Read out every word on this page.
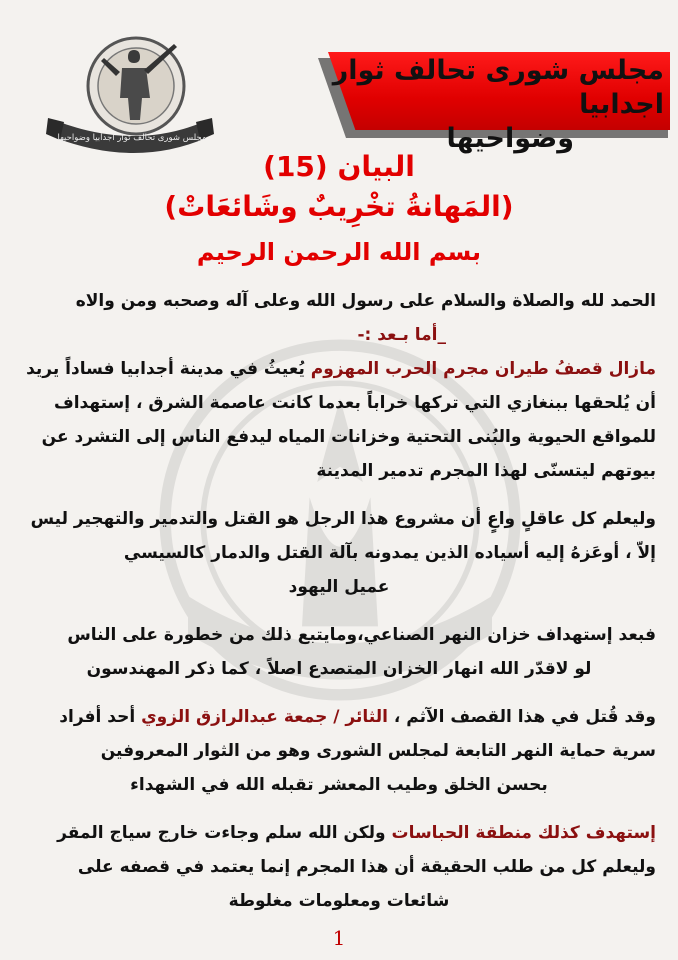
مجلس شورى تحالف ثوار اجدابيا
وضواحيها
مجلس شورى تحالف ثوار اجدابيا وضواحيها
البيان (15)
(المَهانةُ تخْرِيبٌ وشَائعَاتْ)
بسم الله الرحمن الرحيم

الحمد لله والصلاة والسلام على رسول الله وعلى آله وصحبه ومن والاه

_أما بـعد :-

مازال قصفُ طيران مجرم الحرب المهزوم يُعيثُ في مدينة أجدابيا فساداً يريد أن يُلحقها ببنغازي التي تركها خراباً بعدما كانت عاصمة الشرق ، إستهداف للمواقع الحيوية والبُنى التحتية وخزانات المياه ليدفع الناس إلى التشرد عن بيوتهم ليتسنّى لهذا المجرم تدمير المدينة

وليعلم كل عاقلٍ واعٍ أن مشروع هذا الرجل هو القتل والتدمير والتهجير ليس إلاّ ، أوعَزهُ إليه أسياده الذين يمدونه بآلة القتل والدمار كالسيسي

عميل اليهود

فبعد إستهداف خزان النهر الصناعي،ومايتبع ذلك من خطورة على الناس

لو لاقدّر الله انهار الخزان المتصدع اصلاً ، كما ذكر المهندسون

وقد قُتل في هذا القصف الآثم ، الثائر / جمعة عبدالرازق الزوي أحد أفراد سرية حماية النهر التابعة لمجلس الشورى وهو من الثوار المعروفين

بحسن الخلق وطيب المعشر تقبله الله في الشهداء

إستهدف كذلك منطقة الحباسات ولكن الله سلم وجاءت خارج سياج المقر وليعلم كل من طلب الحقيقة أن هذا المجرم إنما يعتمد في قصفه على

شائعات ومعلومات مغلوطة

1
